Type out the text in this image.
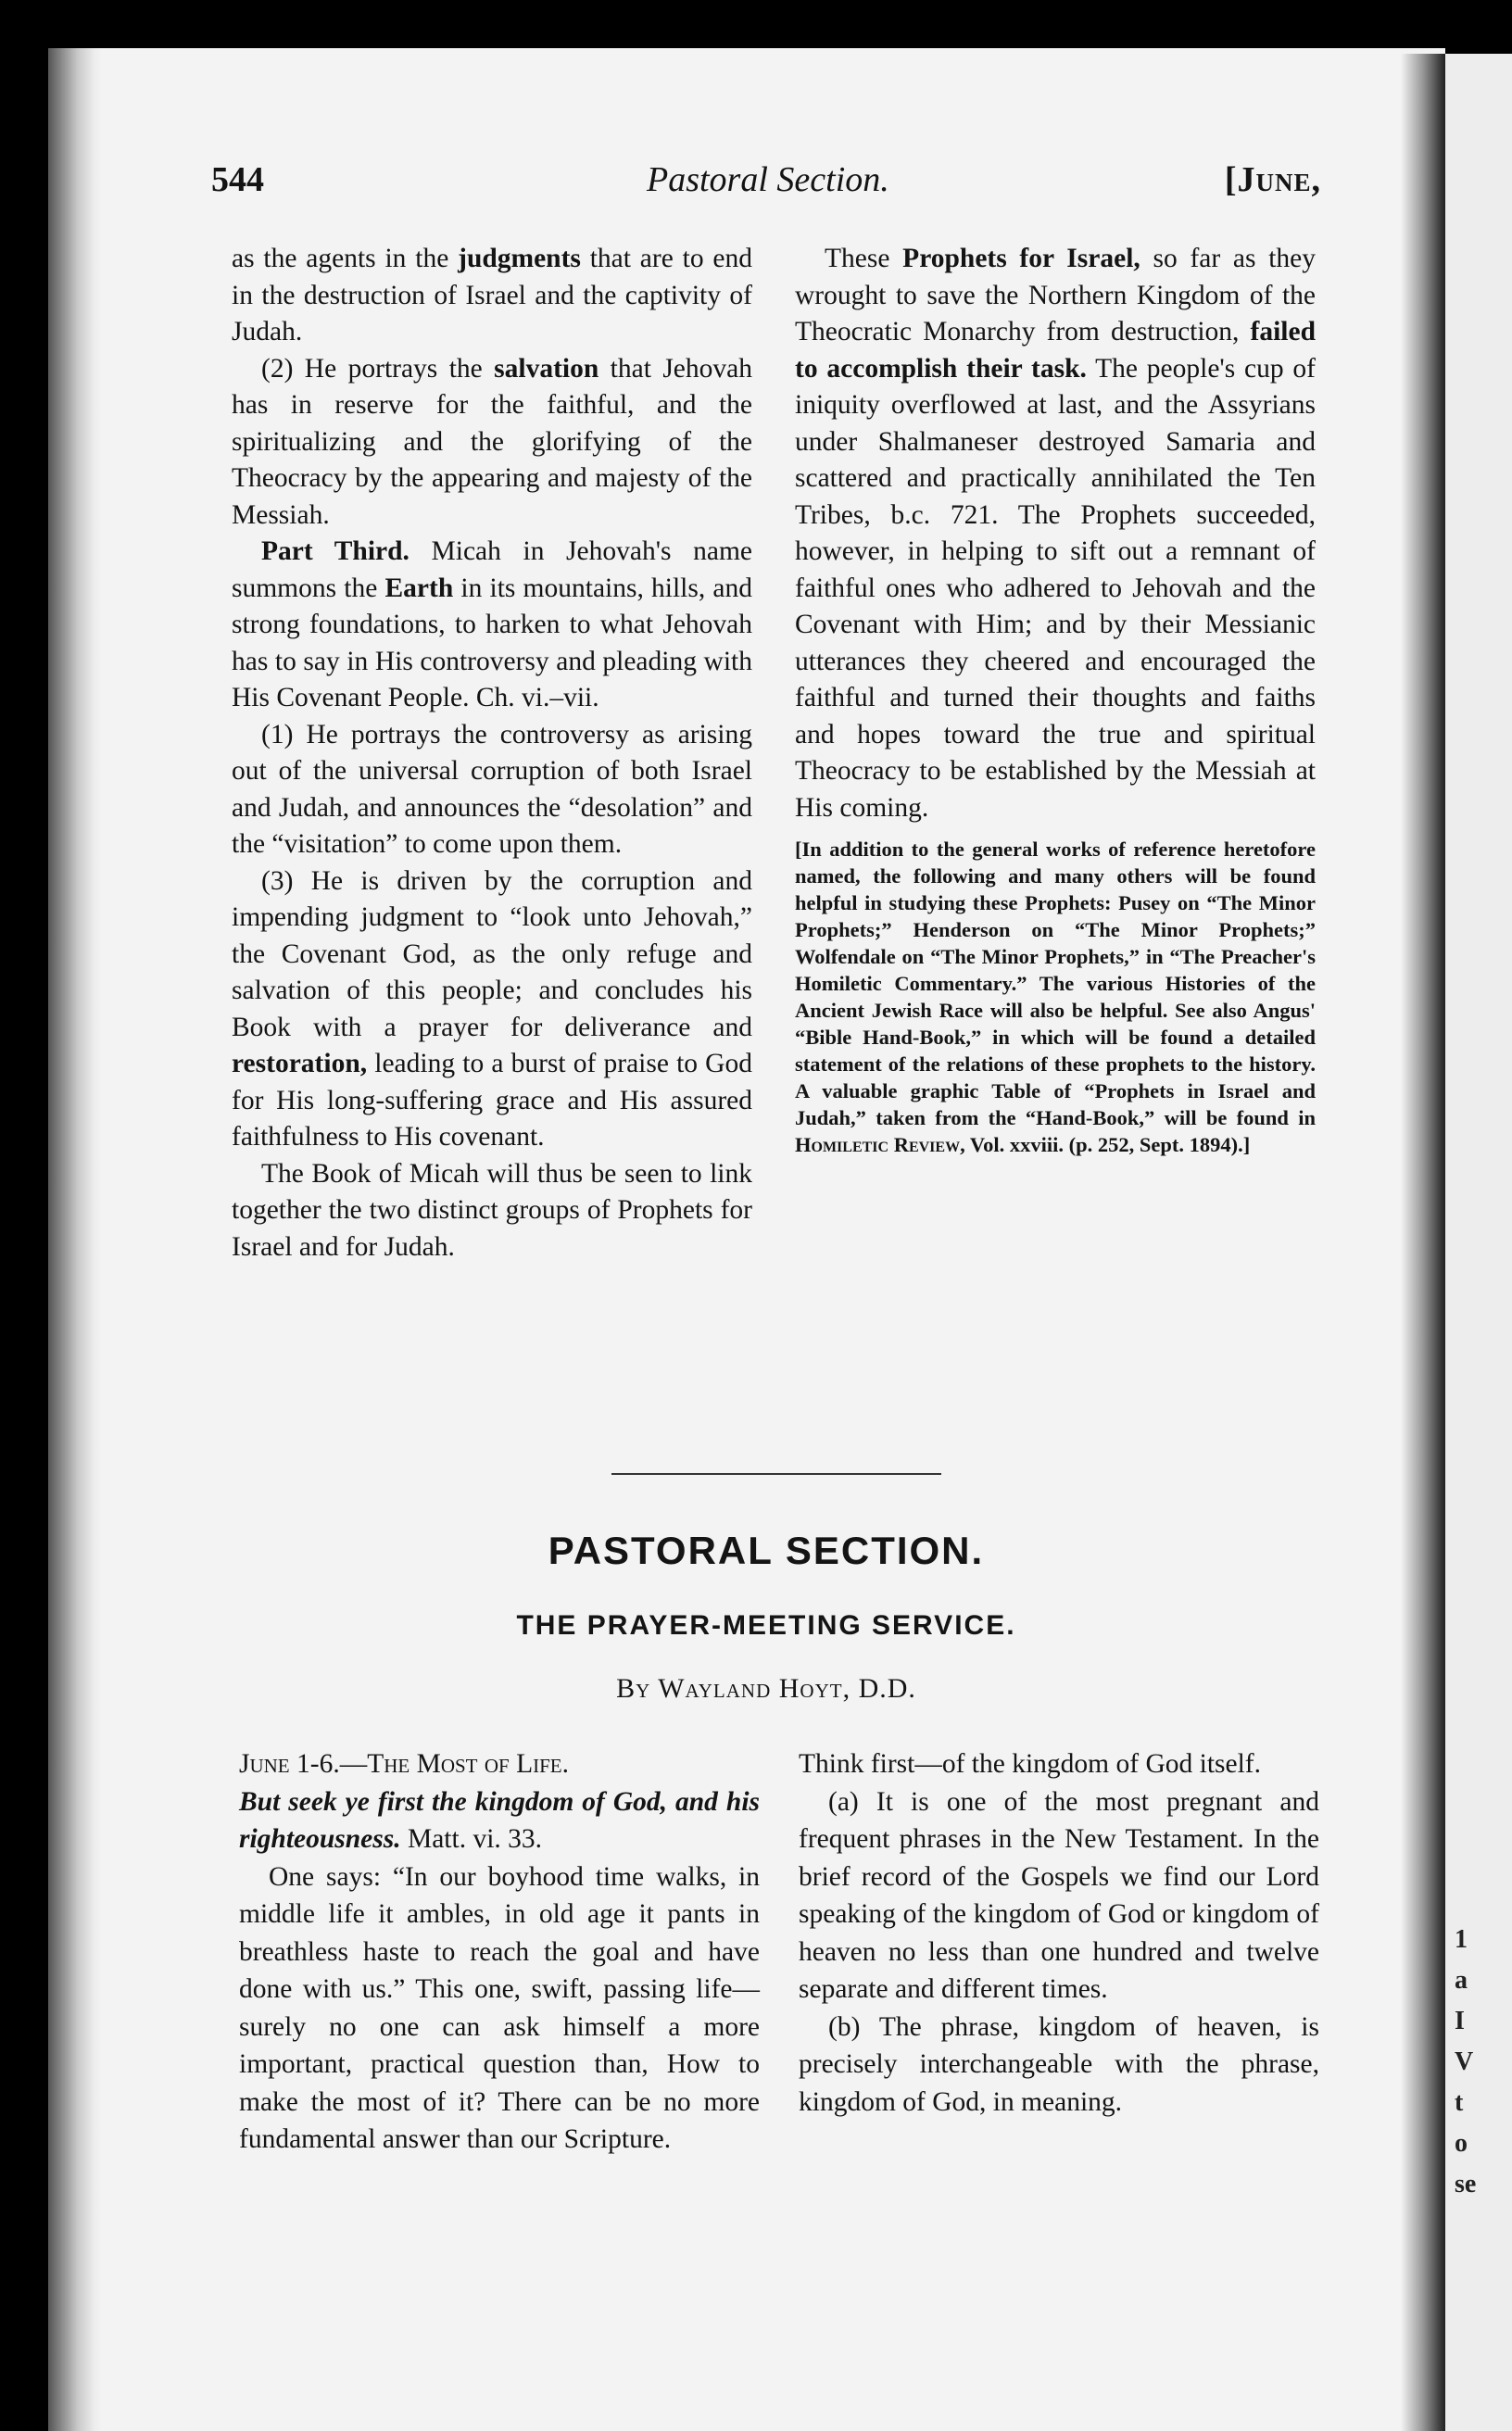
1
a
I
V
t
o
se
544	Pastoral Section.	[June,

as the agents in the judgments that are to end in the destruction of Israel and the captivity of Judah.

(2) He portrays the salvation that Jehovah has in reserve for the faithful, and the spiritualizing and the glorifying of the Theocracy by the appearing and majesty of the Messiah.

Part Third. Micah in Jehovah's name summons the Earth in its mountains, hills, and strong foundations, to harken to what Jehovah has to say in His controversy and pleading with His Covenant People. Ch. vi.–vii.

(1) He portrays the controversy as arising out of the universal corruption of both Israel and Judah, and announces the “desolation” and the “visitation” to come upon them.

(3) He is driven by the corruption and impending judgment to “look unto Jehovah,” the Covenant God, as the only refuge and salvation of this people; and concludes his Book with a prayer for deliverance and restoration, leading to a burst of praise to God for His long-suffering grace and His assured faithfulness to His covenant.

The Book of Micah will thus be seen to link together the two distinct groups of Prophets for Israel and for Judah.

These Prophets for Israel, so far as they wrought to save the Northern Kingdom of the Theocratic Monarchy from destruction, failed to accomplish their task. The people's cup of iniquity overflowed at last, and the Assyrians under Shalmaneser destroyed Samaria and scattered and practically annihilated the Ten Tribes, b.c. 721. The Prophets succeeded, however, in helping to sift out a remnant of faithful ones who adhered to Jehovah and the Covenant with Him; and by their Messianic utterances they cheered and encouraged the faithful and turned their thoughts and faiths and hopes toward the true and spiritual Theocracy to be established by the Messiah at His coming.

[In addition to the general works of reference heretofore named, the following and many others will be found helpful in studying these Prophets: Pusey on “The Minor Prophets;” Henderson on “The Minor Prophets;” Wolfendale on “The Minor Prophets,” in “The Preacher's Homiletic Commentary.” The various Histories of the Ancient Jewish Race will also be helpful. See also Angus' “Bible Hand-Book,” in which will be found a detailed statement of the relations of these prophets to the history. A valuable graphic Table of “Prophets in Israel and Judah,” taken from the “Hand-Book,” will be found in Homiletic Review, Vol. xxviii. (p. 252, Sept. 1894).]

PASTORAL SECTION.
THE PRAYER-MEETING SERVICE.
By Wayland Hoyt, D.D.

June 1-6.—The Most of Life.

But seek ye first the kingdom of God, and his righteousness. Matt. vi. 33.

One says: “In our boyhood time walks, in middle life it ambles, in old age it pants in breathless haste to reach the goal and have done with us.” This one, swift, passing life—surely no one can ask himself a more important, practical question than, How to make the most of it? There can be no more fundamental answer than our Scripture.

Think first—of the kingdom of God itself.

(a) It is one of the most pregnant and frequent phrases in the New Testament. In the brief record of the Gospels we find our Lord speaking of the kingdom of God or kingdom of heaven no less than one hundred and twelve separate and different times.

(b) The phrase, kingdom of heaven, is precisely interchangeable with the phrase, kingdom of God, in meaning.
